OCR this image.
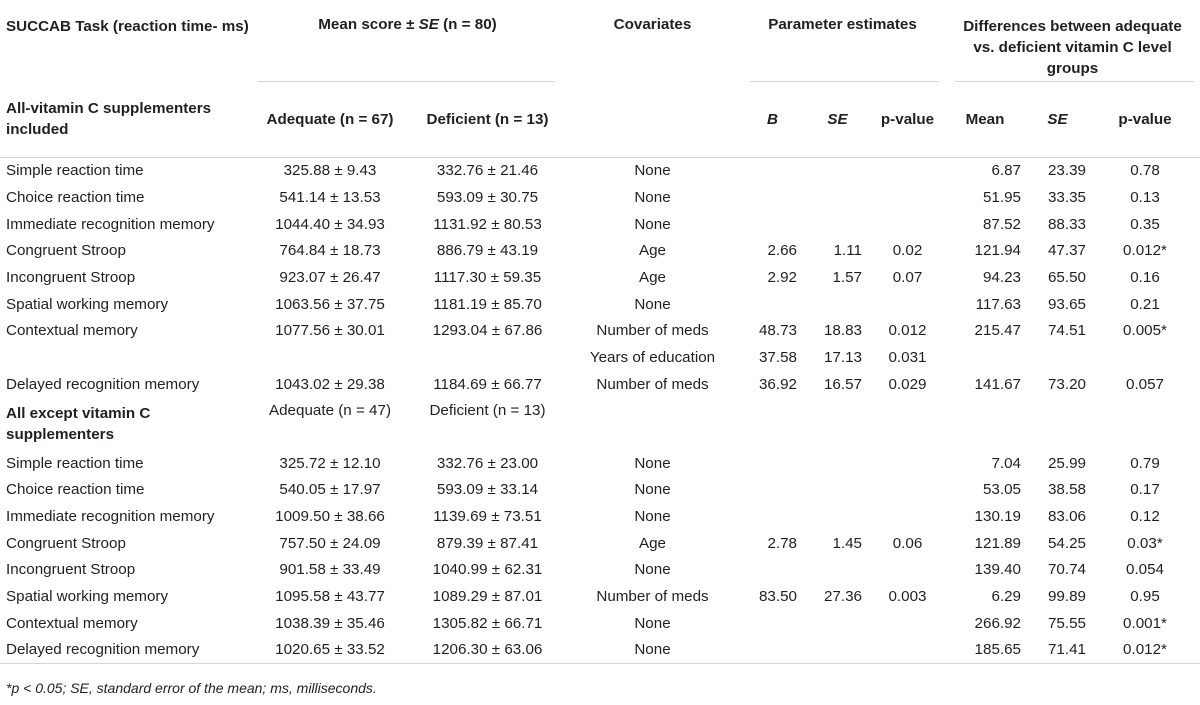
SUCCAB Task (reaction time- ms)	Mean score ± SE (n = 80)		Covariates	Parameter estimates			Differences between adequate vs. deficient vitamin C level groups		

All-vitamin C supplementers included	Adequate (n = 67)	Deficient (n = 13)		B	SE	p-value	Mean	SE	p-value
Simple reaction time	325.88 ± 9.43	332.76 ± 21.46	None				6.87	23.39	0.78
Choice reaction time	541.14 ± 13.53	593.09 ± 30.75	None				51.95	33.35	0.13
Immediate recognition memory	1044.40 ± 34.93	1131.92 ± 80.53	None				87.52	88.33	0.35
Congruent Stroop	764.84 ± 18.73	886.79 ± 43.19	Age	2.66	1.11	0.02	121.94	47.37	0.012*
Incongruent Stroop	923.07 ± 26.47	1117.30 ± 59.35	Age	2.92	1.57	0.07	94.23	65.50	0.16
Spatial working memory	1063.56 ± 37.75	1181.19 ± 85.70	None				117.63	93.65	0.21
Contextual memory	1077.56 ± 30.01	1293.04 ± 67.86	Number of meds	48.73	18.83	0.012	215.47	74.51	0.005*
			Years of education	37.58	17.13	0.031			
Delayed recognition memory	1043.02 ± 29.38	1184.69 ± 66.77	Number of meds	36.92	16.57	0.029	141.67	73.20	0.057
All except vitamin C supplementers	Adequate (n = 47)	Deficient (n = 13)							
Simple reaction time	325.72 ± 12.10	332.76 ± 23.00	None				7.04	25.99	0.79
Choice reaction time	540.05 ± 17.97	593.09 ± 33.14	None				53.05	38.58	0.17
Immediate recognition memory	1009.50 ± 38.66	1139.69 ± 73.51	None				130.19	83.06	0.12
Congruent Stroop	757.50 ± 24.09	879.39 ± 87.41	Age	2.78	1.45	0.06	121.89	54.25	0.03*
Incongruent Stroop	901.58 ± 33.49	1040.99 ± 62.31	None				139.40	70.74	0.054
Spatial working memory	1095.58 ± 43.77	1089.29 ± 87.01	Number of meds	83.50	27.36	0.003	6.29	99.89	0.95
Contextual memory	1038.39 ± 35.46	1305.82 ± 66.71	None				266.92	75.55	0.001*
Delayed recognition memory	1020.65 ± 33.52	1206.30 ± 63.06	None				185.65	71.41	0.012*
*p < 0.05; SE, standard error of the mean; ms, milliseconds.
